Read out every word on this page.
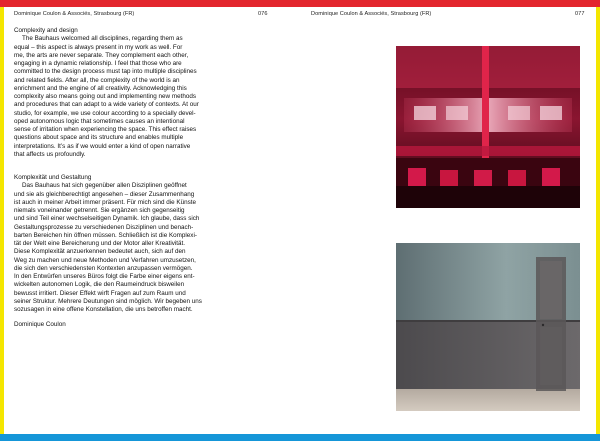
Dominique Coulon & Associés, Strasbourg (FR)	076	Dominique Coulon & Associés, Strasbourg (FR)	077
Complexity and design
The Bauhaus welcomed all disciplines, regarding them as
equal – this aspect is always present in my work as well. For
me, the arts are never separate. They complement each other,
engaging in a dynamic relationship. I feel that those who are
committed to the design process must tap into multiple disciplines
and related fields. After all, the complexity of the world is an
enrichment and the engine of all creativity. Acknowledging this
complexity also means going out and implementing new methods
and procedures that can adapt to a wide variety of contexts. At our
studio, for example, we use colour according to a specially devel-
oped autonomous logic that sometimes causes an intentional
sense of irritation when experiencing the space. This effect raises
questions about space and its structure and enables multiple
interpretations. It’s as if we would enter a kind of open narrative
that affects us profoundly.
Komplexität und Gestaltung
Das Bauhaus hat sich gegenüber allen Disziplinen geöffnet
und sie als gleichberechtigt angesehen – dieser Zusammenhang
ist auch in meiner Arbeit immer präsent. Für mich sind die Künste
niemals voneinander getrennt. Sie ergänzen sich gegenseitig
und sind Teil einer wechselseitigen Dynamik. Ich glaube, dass sich
Gestaltungsprozesse zu verschiedenen Disziplinen und benach-
barten Bereichen hin öffnen müssen. Schließlich ist die Komplexi-
tät der Welt eine Bereicherung und der Motor aller Kreativität.
Diese Komplexität anzuerkennen bedeutet auch, sich auf den
Weg zu machen und neue Methoden und Verfahren umzusetzen,
die sich den verschiedensten Kontexten anzupassen vermögen.
In den Entwürfen unseres Büros folgt die Farbe einer eigens ent-
wickelten autonomen Logik, die den Raumeindruck bisweilen
bewusst irritiert. Dieser Effekt wirft Fragen auf zum Raum und
seiner Struktur. Mehrere Deutungen sind möglich. Wir begeben uns
sozusagen in eine offene Konstellation, die uns betroffen macht.
Dominique Coulon
